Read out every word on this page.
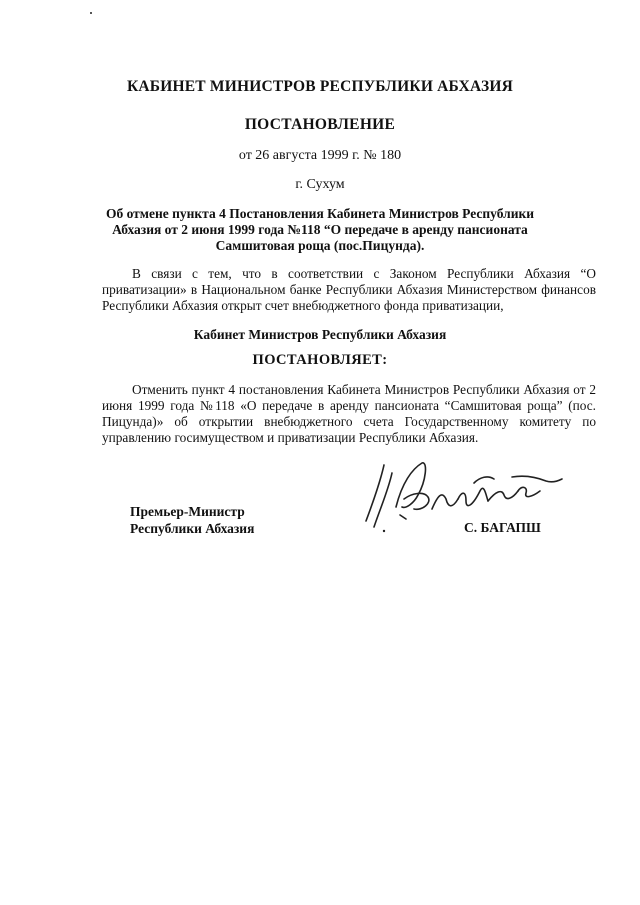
КАБИНЕТ МИНИСТРОВ РЕСПУБЛИКИ АБХАЗИЯ
ПОСТАНОВЛЕНИЕ
от 26 августа 1999 г. № 180
г. Сухум
Об отмене пункта 4 Постановления Кабинета Министров Республики Абхазия от 2 июня 1999 года №118 “О передаче в аренду пансионата Самшитовая роща (пос.Пицунда).
В связи с тем, что в соответствии с Законом Республики Абхазия “О приватизации» в Национальном банке Республики Абхазия Министерством финансов Республики Абхазия открыт счет внебюджетного фонда приватизации,
Кабинет Министров Республики Абхазия
ПОСТАНОВЛЯЕТ:
Отменить пункт 4 постановления Кабинета Министров Республики Абхазия от 2 июня 1999 года №118 «О передаче в аренду пансионата “Самшитовая роща” (пос. Пицунда)» об открытии внебюджетного счета Государственному комитету по управлению госимуществом и приватизации Республики Абхазия.
Премьер-Министр
Республики Абхазия	С. БАГАПШ
